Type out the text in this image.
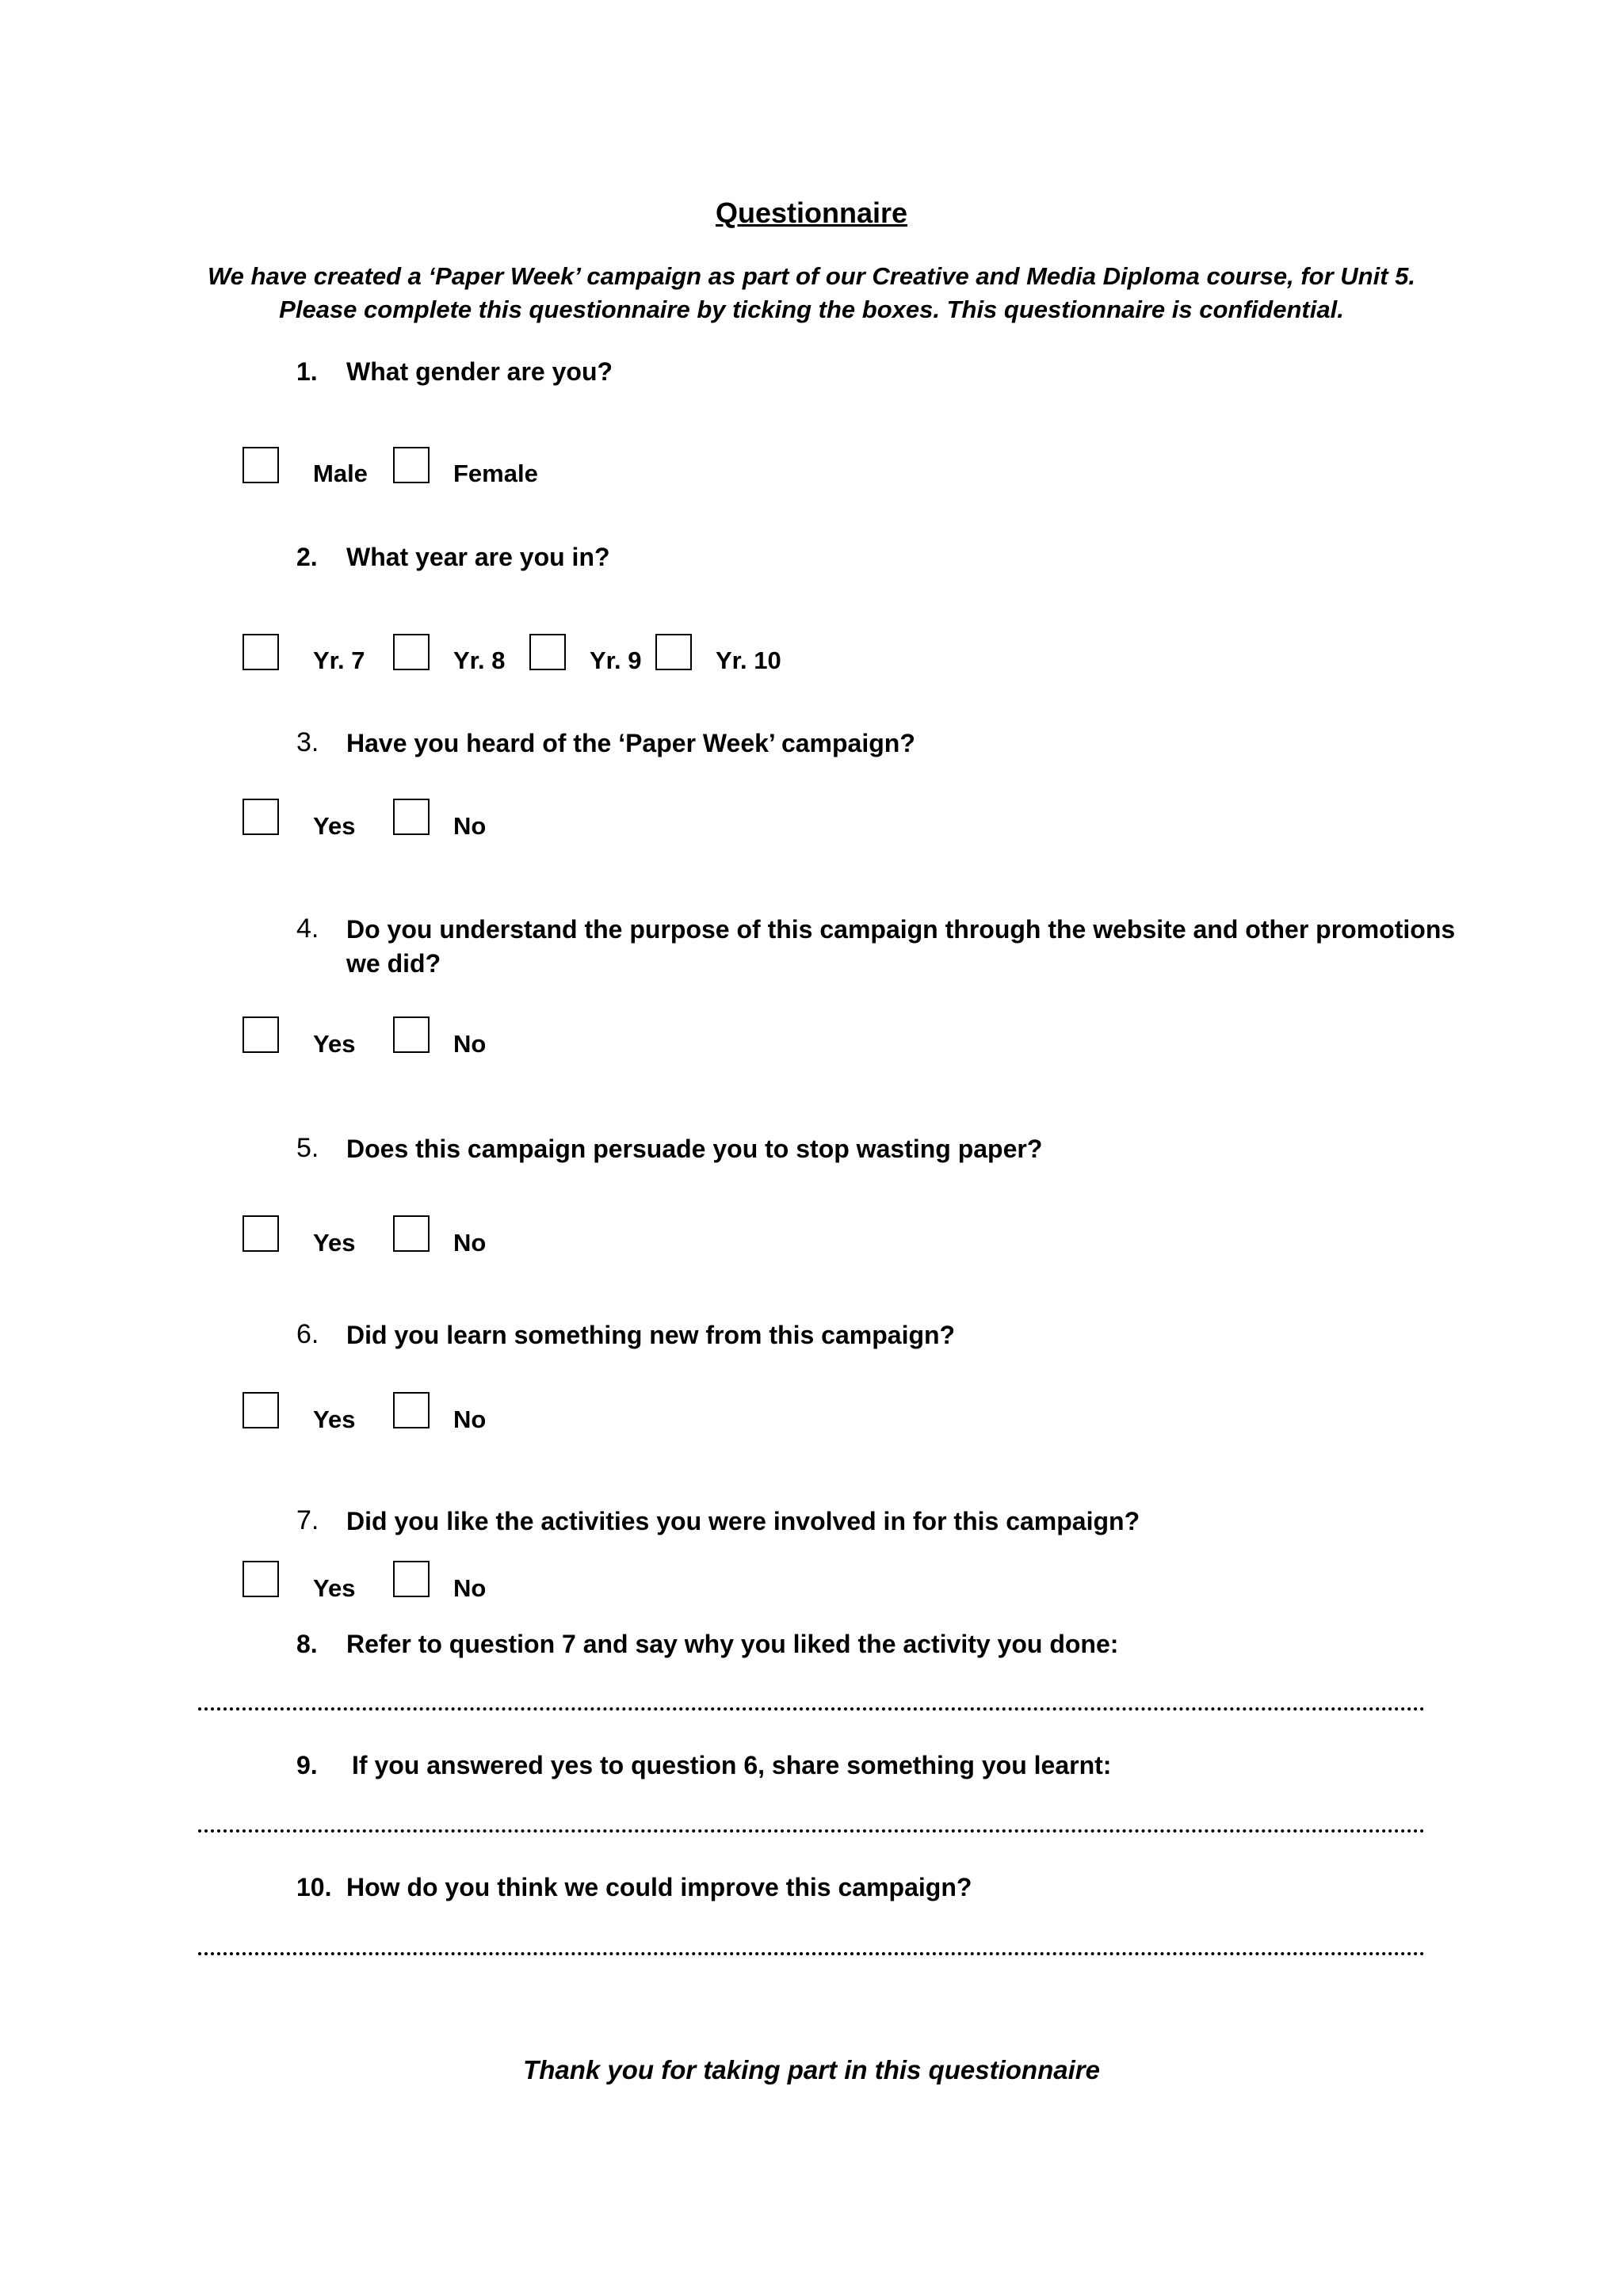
Questionnaire
We have created a ‘Paper Week’ campaign as part of our Creative and Media Diploma course, for Unit 5.
Please complete this questionnaire by ticking the boxes. This questionnaire is confidential.
1. What gender are you?
Male	Female
2. What year are you in?
Yr. 7	Yr. 8	Yr. 9	Yr. 10
3. Have you heard of the ‘Paper Week’ campaign?
Yes	No
4. Do you understand the purpose of this campaign through the website and other promotions
we did?
Yes	No
5. Does this campaign persuade you to stop wasting paper?
Yes	No
6. Did you learn something new from this campaign?
Yes	No
7. Did you like the activities you were involved in for this campaign?
Yes	No
8. Refer to question 7 and say why you liked the activity you done:
9. If you answered yes to question 6, share something you learnt:
10. How do you think we could improve this campaign?
Thank you for taking part in this questionnaire
